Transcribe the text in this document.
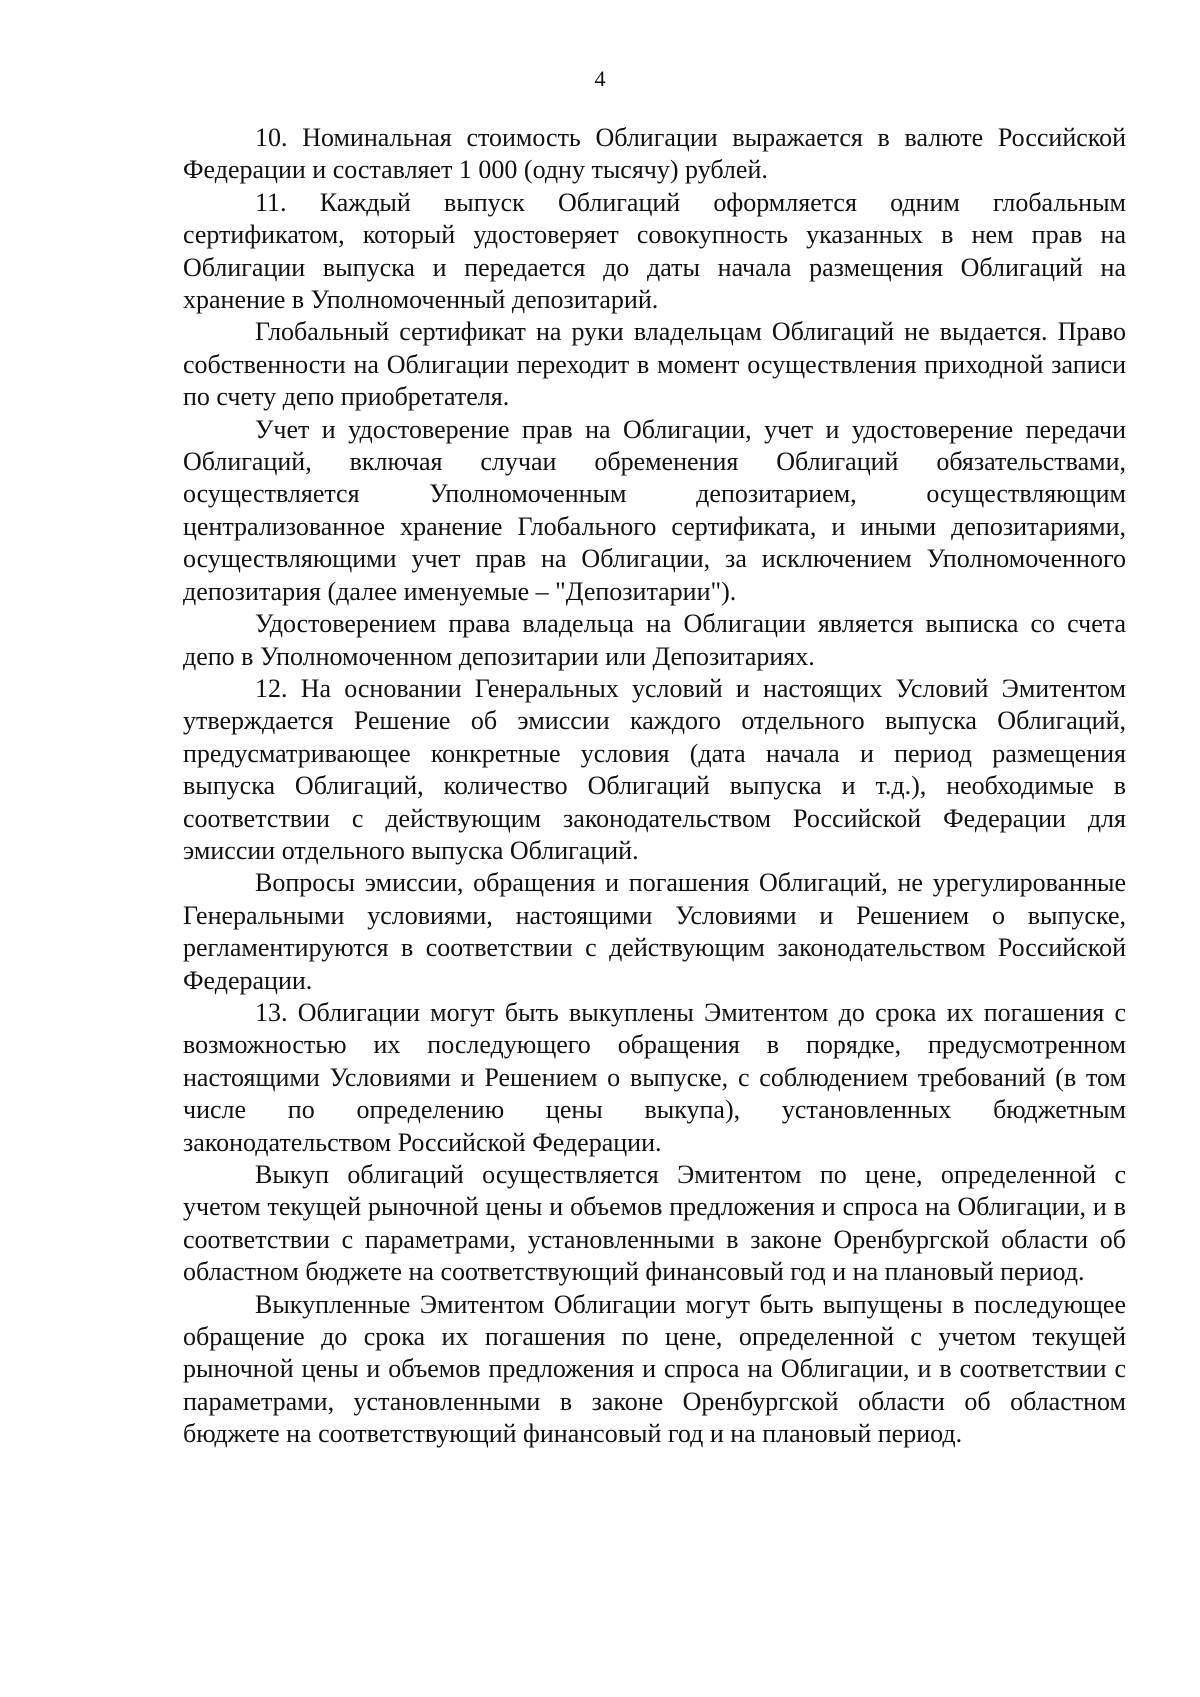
4

10. Номинальная стоимость Облигации выражается в валюте Российской Федерации и составляет 1 000 (одну тысячу) рублей.

11. Каждый выпуск Облигаций оформляется одним глобальным сертификатом, который удостоверяет совокупность указанных в нем прав на Облигации выпуска и передается до даты начала размещения Облигаций на хранение в Уполномоченный депозитарий.

Глобальный сертификат на руки владельцам Облигаций не выдается. Право собственности на Облигации переходит в момент осуществления приходной записи по счету депо приобретателя.

Учет и удостоверение прав на Облигации, учет и удостоверение передачи Облигаций, включая случаи обременения Облигаций обязательствами, осуществляется Уполномоченным депозитарием, осуществляющим централизованное хранение Глобального сертификата, и иными депозитариями, осуществляющими учет прав на Облигации, за исключением Уполномоченного депозитария (далее именуемые – "Депозитарии").

Удостоверением права владельца на Облигации является выписка со счета депо в Уполномоченном депозитарии или Депозитариях.

12. На основании Генеральных условий и настоящих Условий Эмитентом утверждается Решение об эмиссии каждого отдельного выпуска Облигаций, предусматривающее конкретные условия (дата начала и период размещения выпуска Облигаций, количество Облигаций выпуска и т.д.), необходимые в соответствии с действующим законодательством Российской Федерации для эмиссии отдельного выпуска Облигаций.

Вопросы эмиссии, обращения и погашения Облигаций, не урегулированные Генеральными условиями, настоящими Условиями и Решением о выпуске, регламентируются в соответствии с действующим законодательством Российской Федерации.

13. Облигации могут быть выкуплены Эмитентом до срока их погашения с возможностью их последующего обращения в порядке, предусмотренном настоящими Условиями и Решением о выпуске, с соблюдением требований (в том числе по определению цены выкупа), установленных бюджетным законодательством Российской Федерации.

Выкуп облигаций осуществляется Эмитентом по цене, определенной с учетом текущей рыночной цены и объемов предложения и спроса на Облигации, и в соответствии с параметрами, установленными в законе Оренбургской области об областном бюджете на соответствующий финансовый год и на плановый период.

Выкупленные Эмитентом Облигации могут быть выпущены в последующее обращение до срока их погашения по цене, определенной с учетом текущей рыночной цены и объемов предложения и спроса на Облигации, и в соответствии с параметрами, установленными в законе Оренбургской области об областном бюджете на соответствующий финансовый год и на плановый период.
